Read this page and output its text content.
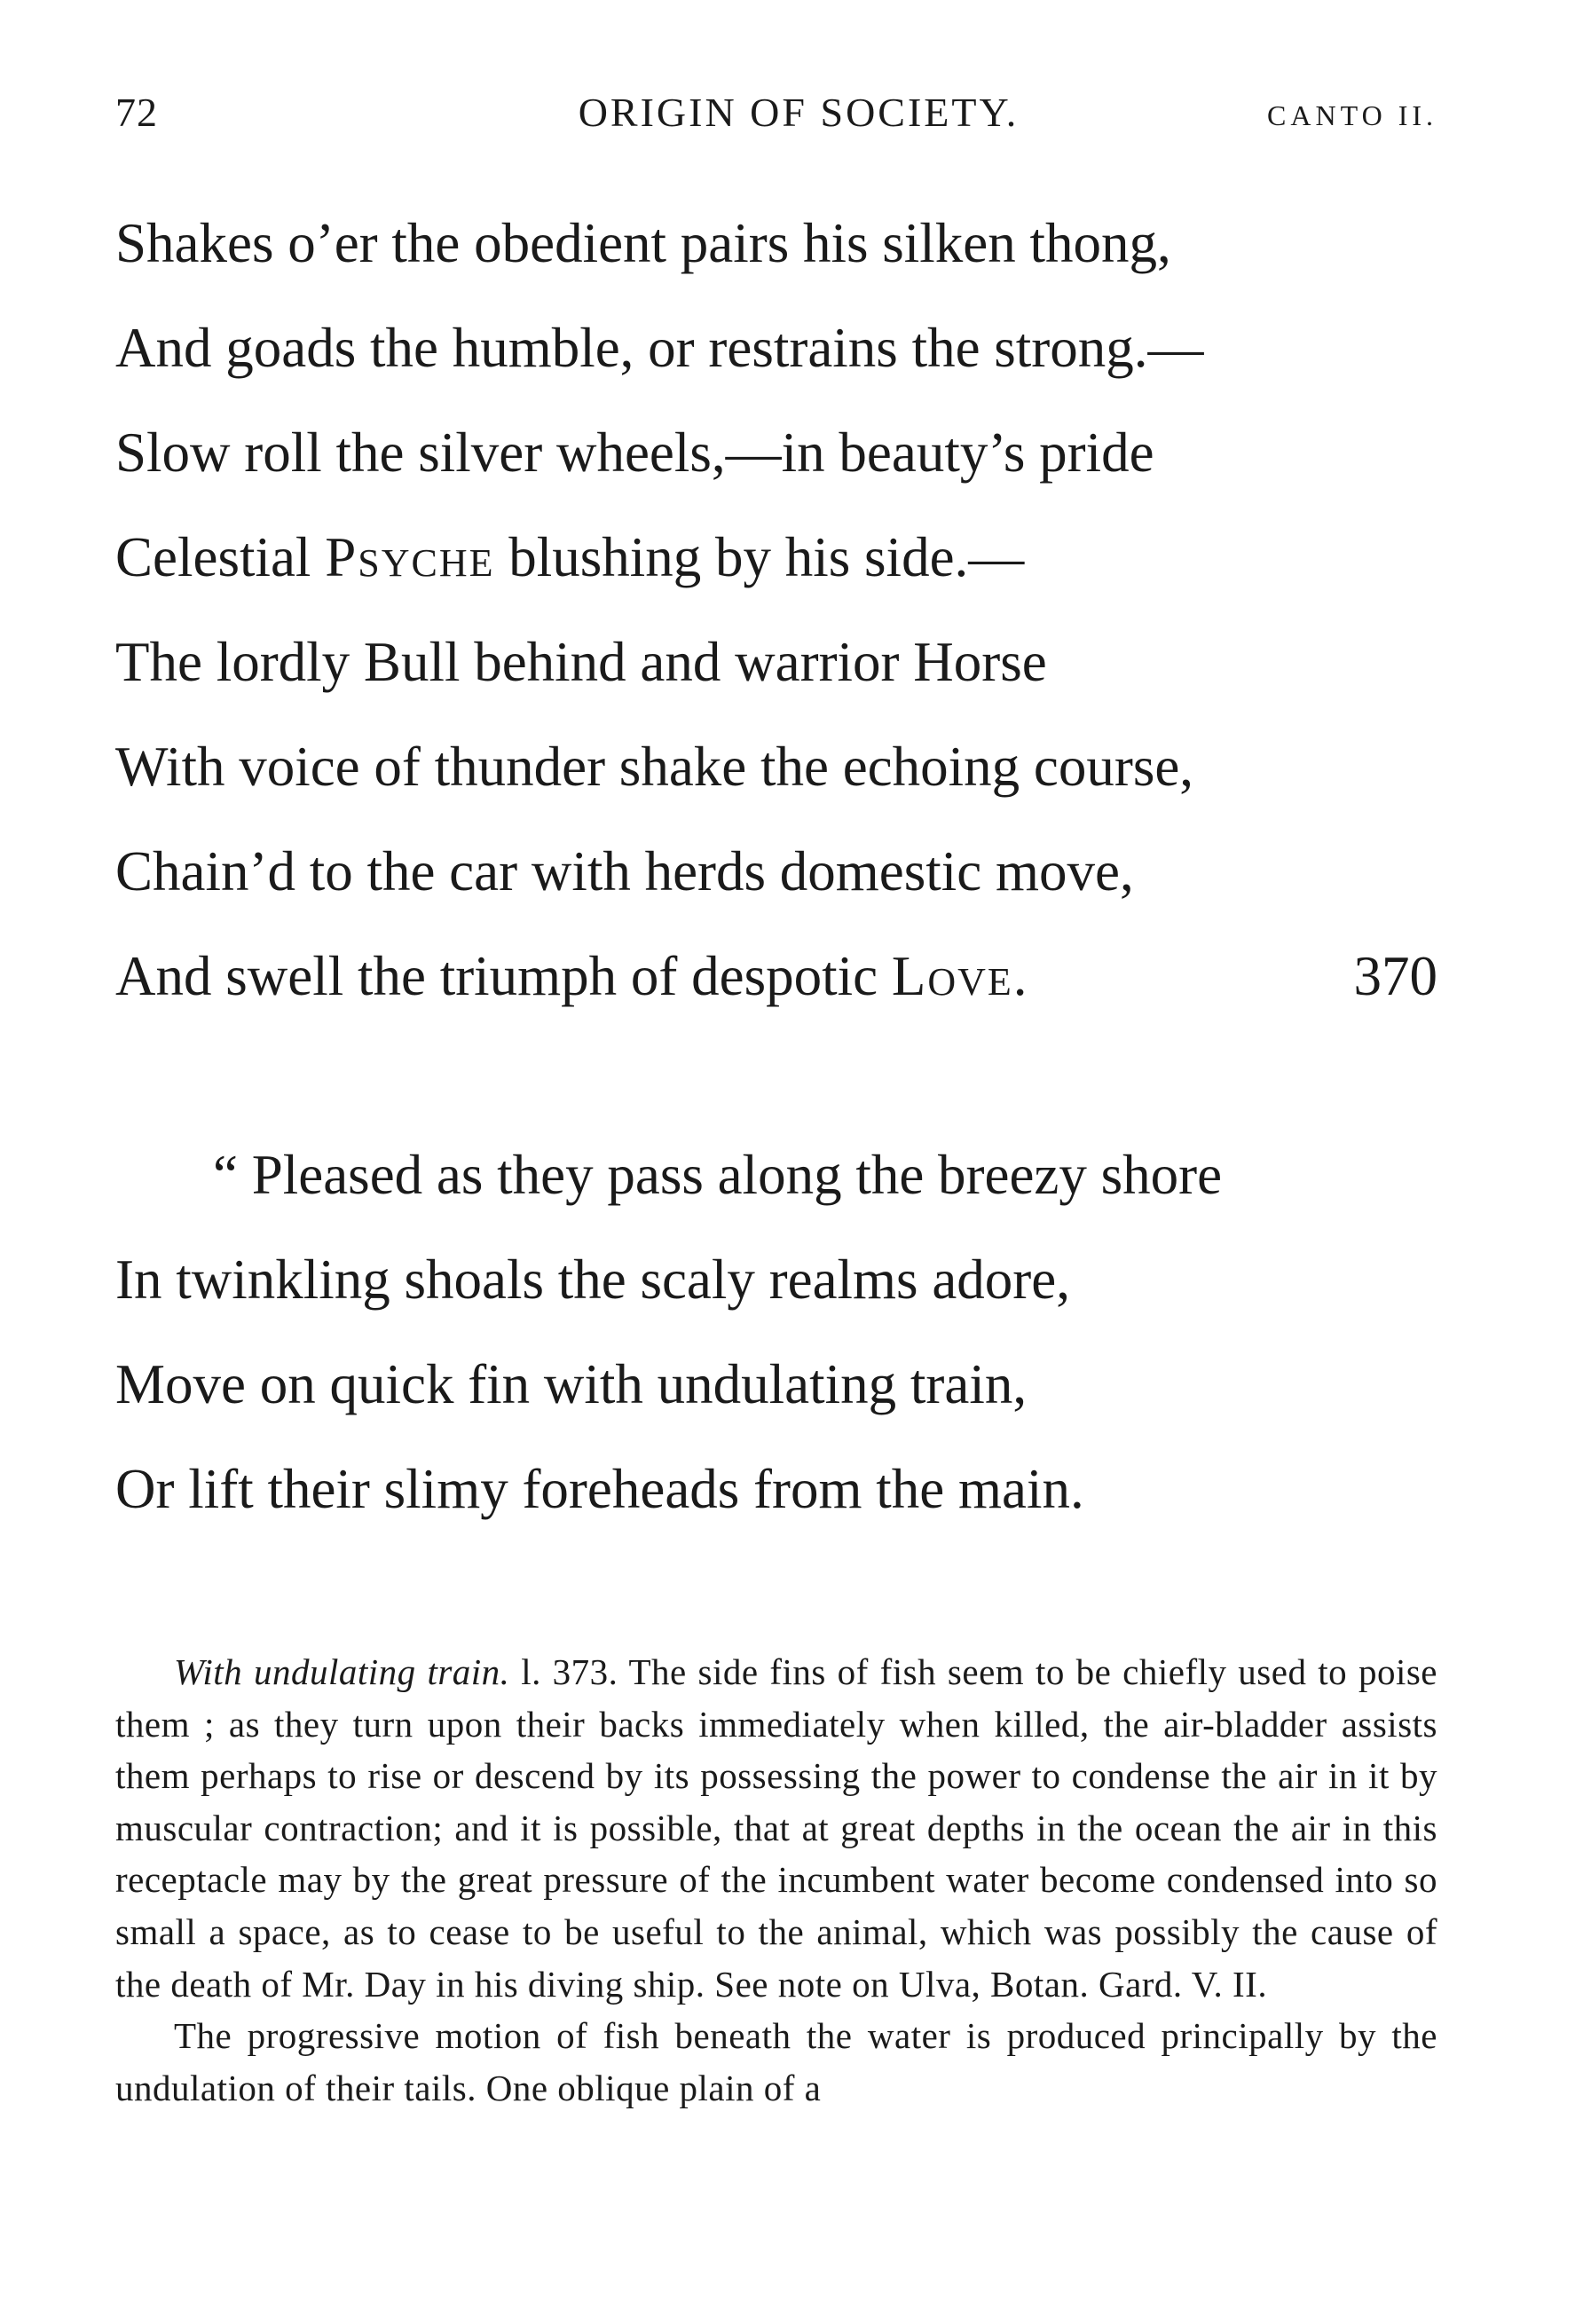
72	ORIGIN OF SOCIETY.	CANTO II.
Shakes o’er the obedient pairs his silken thong,
And goads the humble, or restrains the strong.—
Slow roll the silver wheels,—in beauty’s pride
Celestial Psyche blushing by his side.—
The lordly Bull behind and warrior Horse
With voice of thunder shake the echoing course,
Chain’d to the car with herds domestic move,
And swell the triumph of despotic Love.	370
“ Pleased as they pass along the breezy shore
In twinkling shoals the scaly realms adore,
Move on quick fin with undulating train,
Or lift their slimy foreheads from the main.

With undulating train. l. 373. The side fins of fish seem to be chiefly used to poise them ; as they turn upon their backs immediately when killed, the air-bladder assists them perhaps to rise or descend by its possessing the power to condense the air in it by muscular contraction; and it is possible, that at great depths in the ocean the air in this receptacle may by the great pressure of the incumbent water become condensed into so small a space, as to cease to be useful to the animal, which was possibly the cause of the death of Mr. Day in his diving ship. See note on Ulva, Botan. Gard. V. II.

The progressive motion of fish beneath the water is produced principally by the undulation of their tails. One oblique plain of a
